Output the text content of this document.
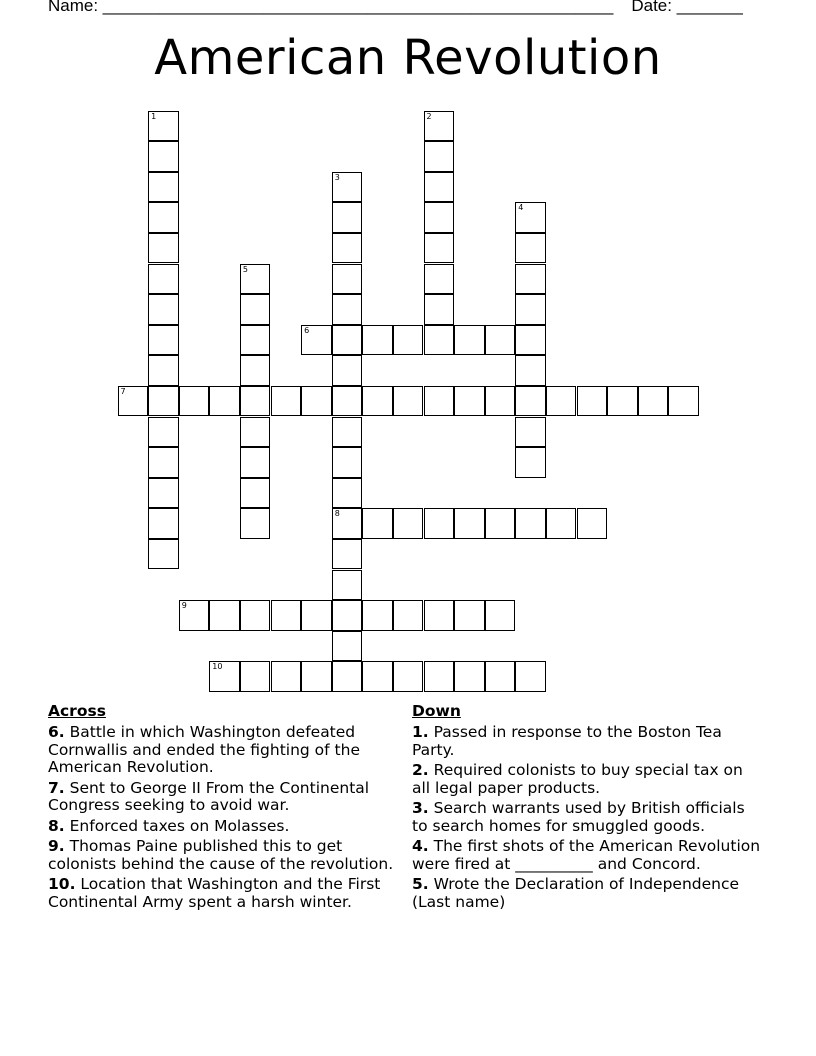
Name: ______________________________________________________ Date: _______
American Revolution
1	2
3
8
4
5
6
7
9
10
Across
6. Battle in which Washington defeated Cornwallis and ended the fighting of the American Revolution.
7. Sent to George II From the Continental Congress seeking to avoid war.
8. Enforced taxes on Molasses.
9. Thomas Paine published this to get colonists behind the cause of the revolution.
10. Location that Washington and the First Continental Army spent a harsh winter.
Down
1. Passed in response to the Boston Tea Party.
2. Required colonists to buy special tax on all legal paper products.
3. Search warrants used by British officials to search homes for smuggled goods.
4. The first shots of the American Revolution were fired at __________ and Concord.
5. Wrote the Declaration of Independence (Last name)
